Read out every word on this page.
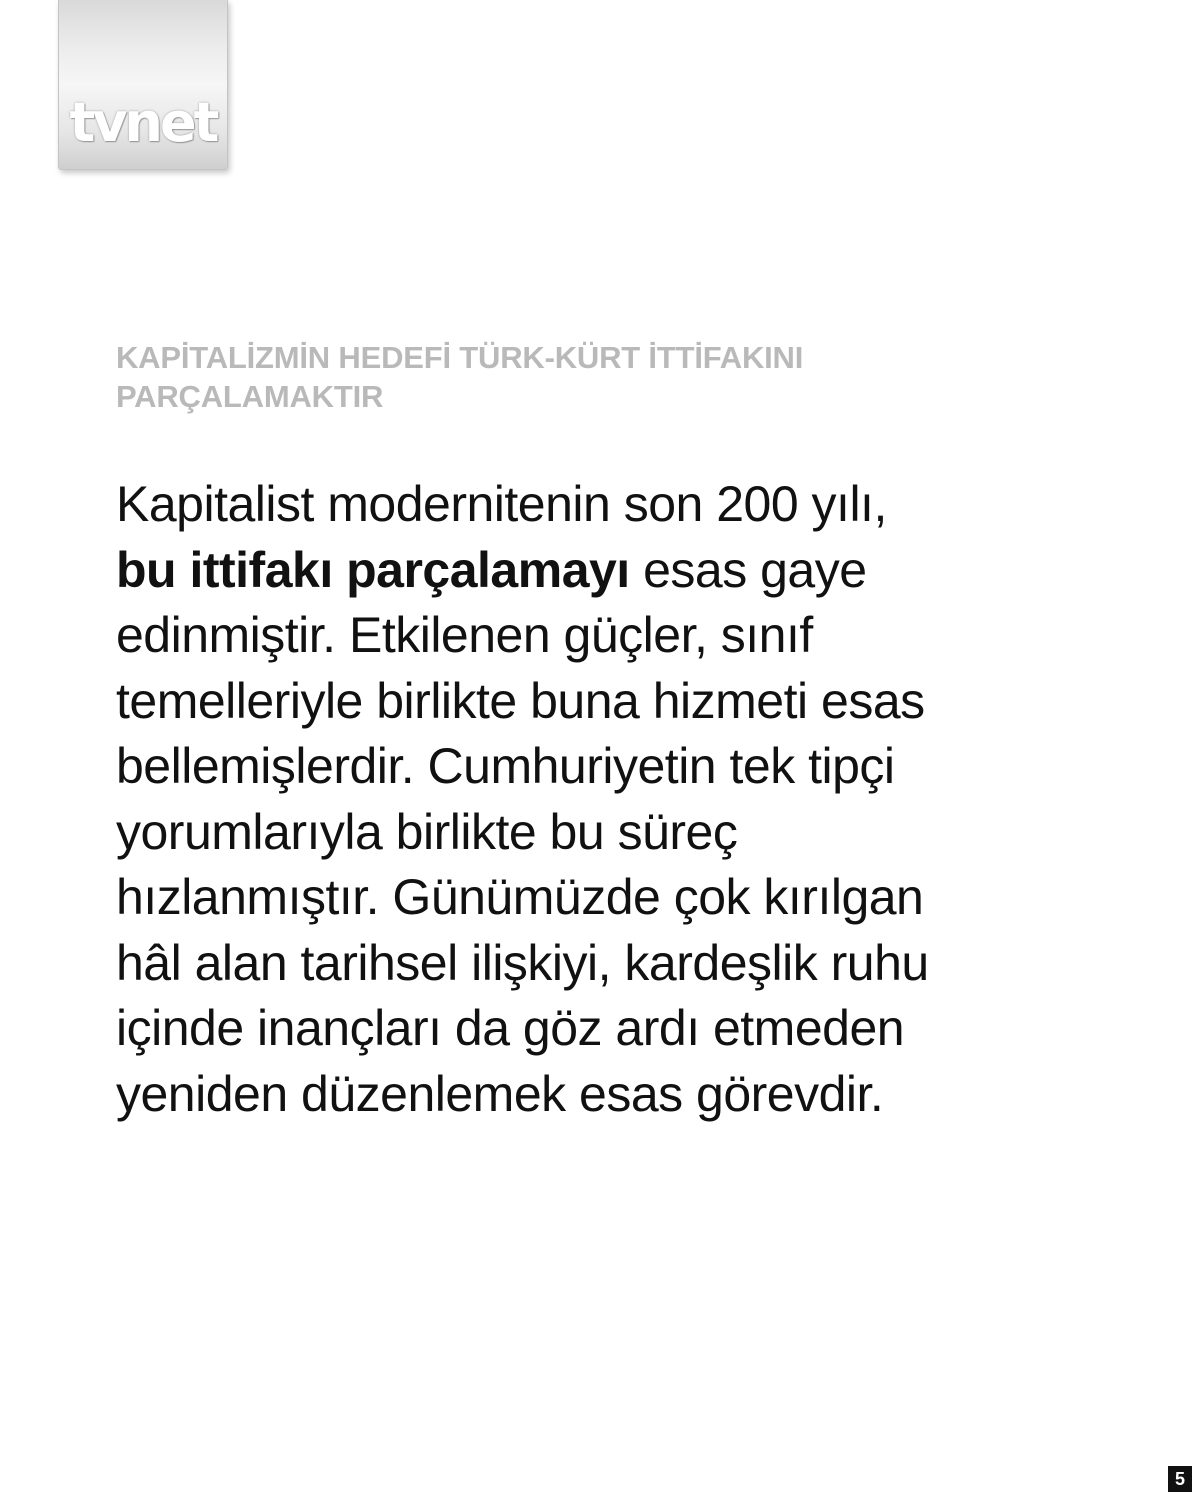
tvnet
KAPİTALİZMİN HEDEFİ TÜRK-KÜRT İTTİFAKINI
PARÇALAMAKTIR

Kapitalist modernitenin son 200 yılı,
bu ittifakı parçalamayı esas gaye
edinmiştir. Etkilenen güçler, sınıf
temelleriyle birlikte buna hizmeti esas
bellemişlerdir. Cumhuriyetin tek tipçi
yorumlarıyla birlikte bu süreç
hızlanmıştır. Günümüzde çok kırılgan
hâl alan tarihsel ilişkiyi, kardeşlik ruhu
içinde inançları da göz ardı etmeden
yeniden düzenlemek esas görevdir.

5
